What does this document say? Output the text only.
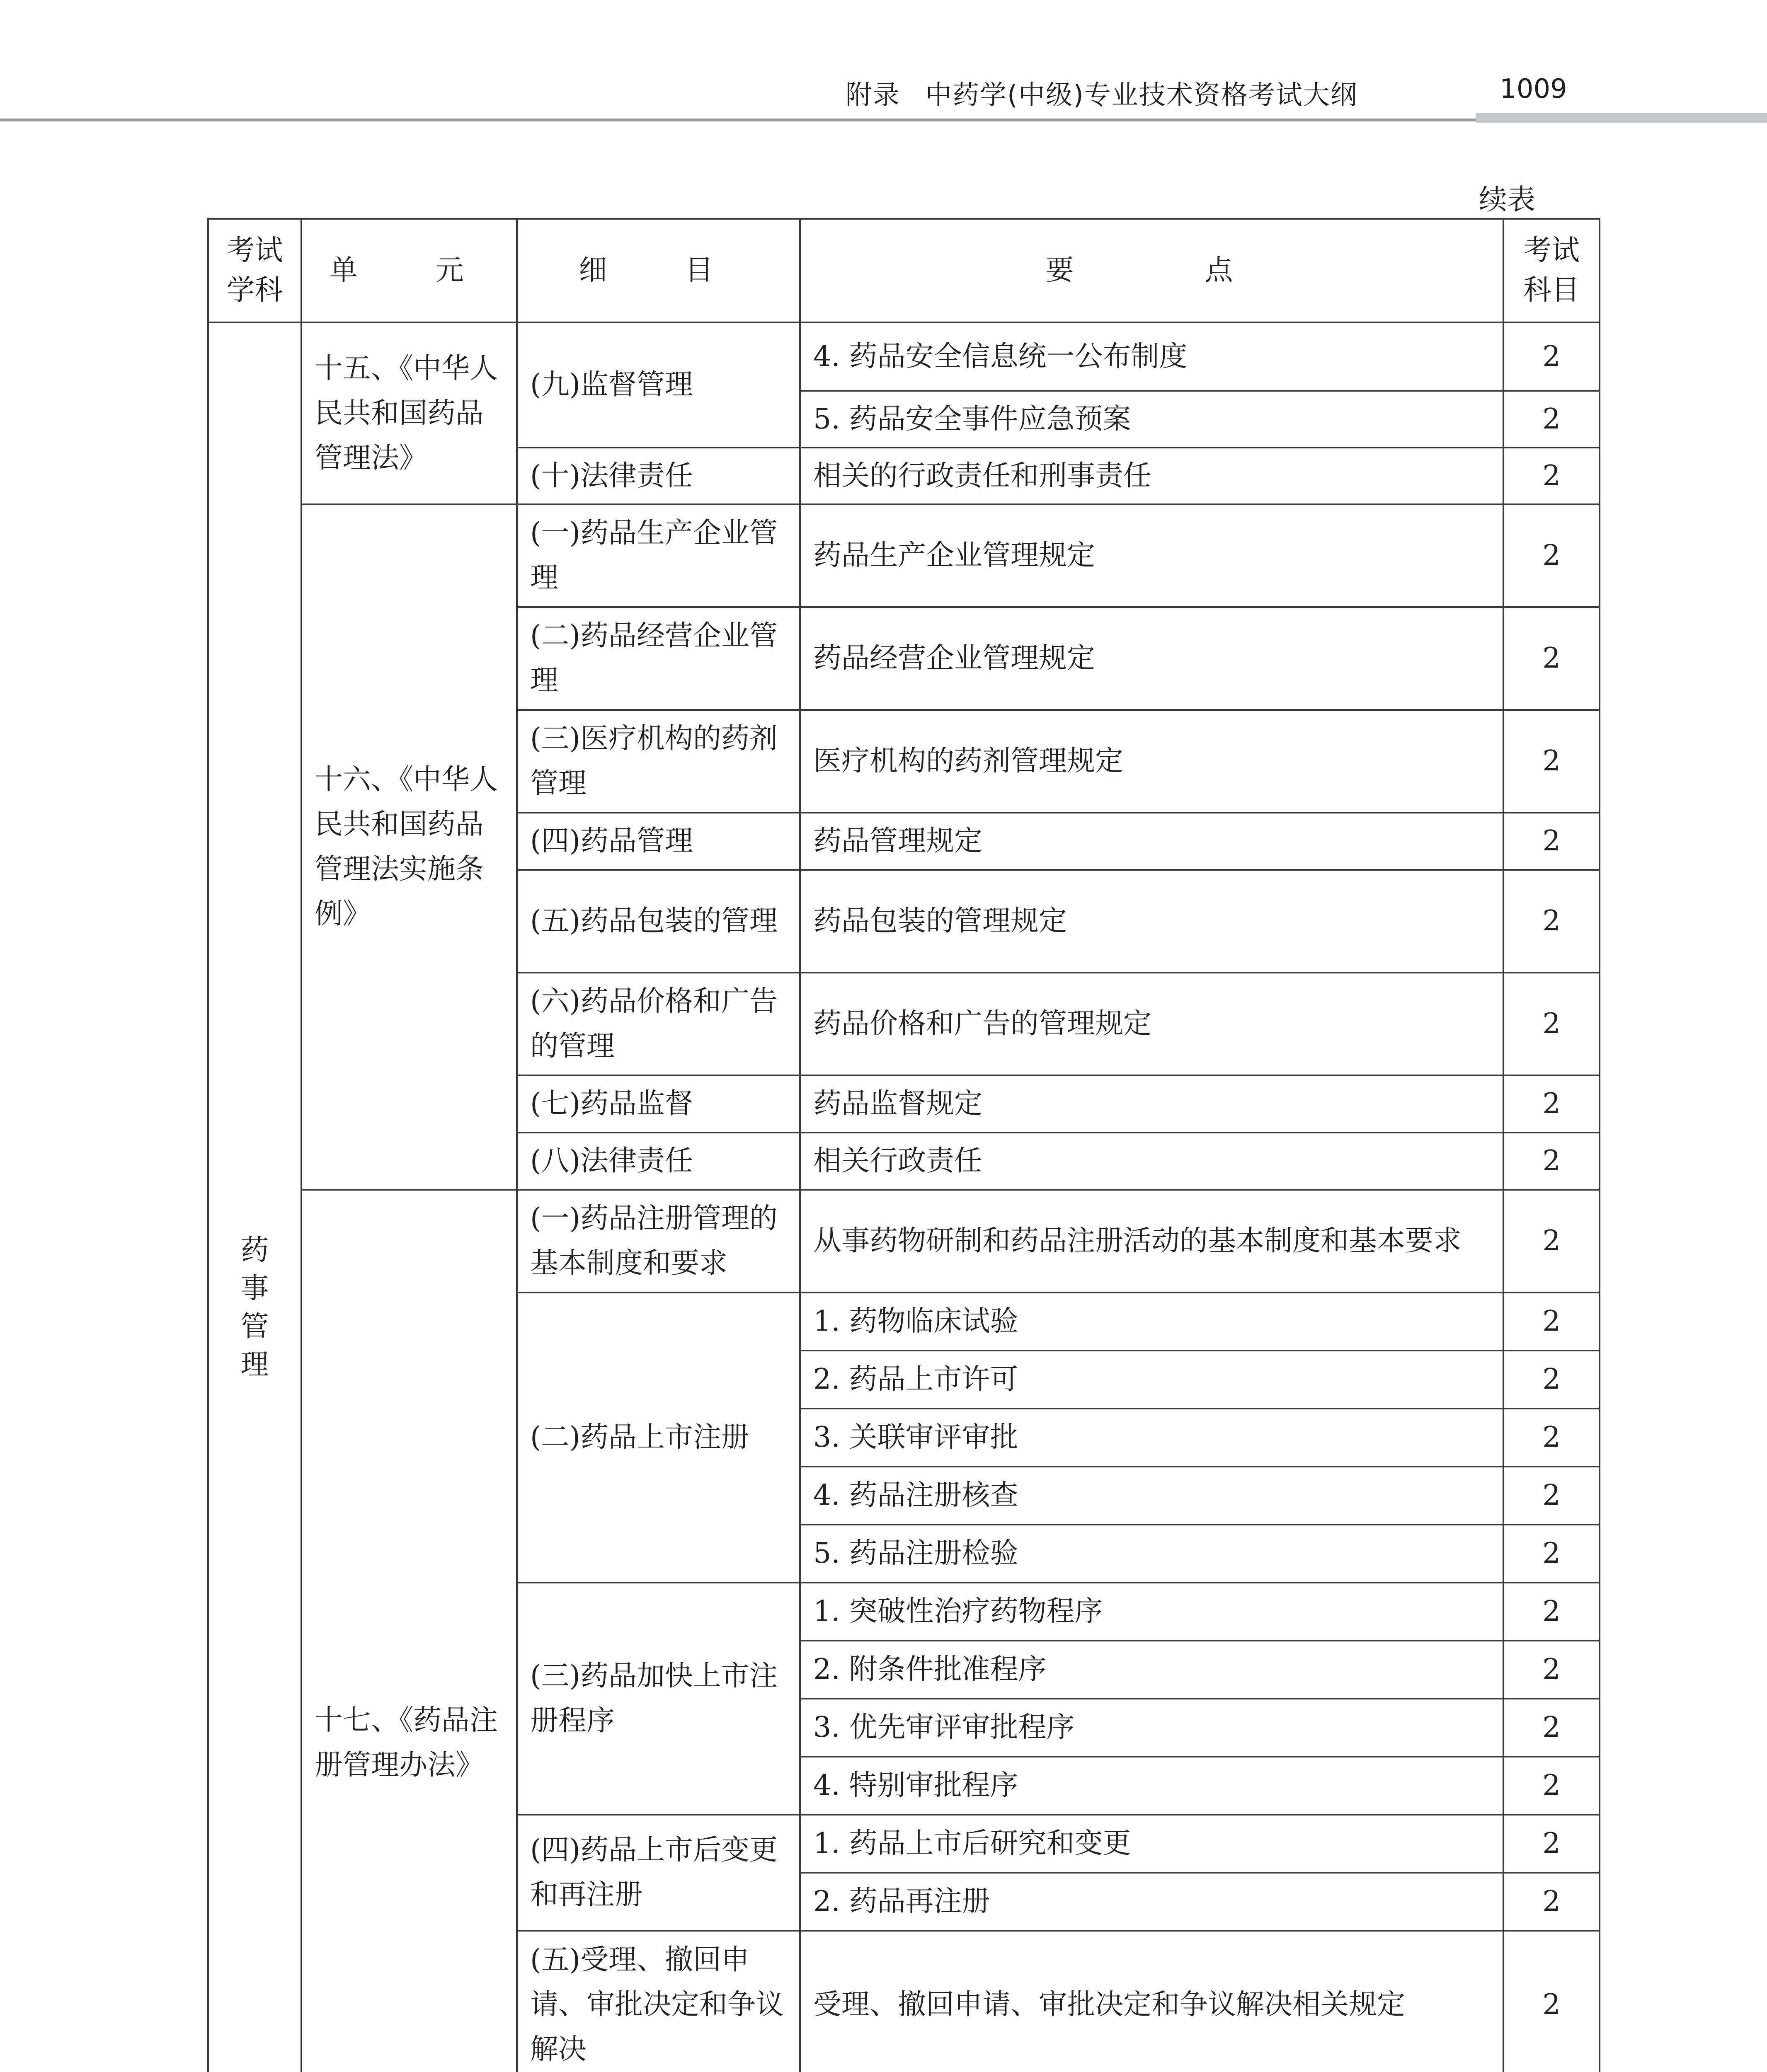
附录 中药学(中级)专业技术资格考试大纲	1009
续表
考试
学科	单　元	细　目	要　　点	考试
科目
药事管理	十五、《中华人民共和国药品管理法》	(九)监督管理	4. 药品安全信息统一公布制度	2
			5. 药品安全事件应急预案	2
		(十)法律责任	相关的行政责任和刑事责任	2
	十六、《中华人民共和国药品管理法实施条例》	(一)药品生产企业管理	药品生产企业管理规定	2
		(二)药品经营企业管理	药品经营企业管理规定	2
		(三)医疗机构的药剂管理	医疗机构的药剂管理规定	2
		(四)药品管理	药品管理规定	2
		(五)药品包装的管理	药品包装的管理规定	2
		(六)药品价格和广告的管理	药品价格和广告的管理规定	2
		(七)药品监督	药品监督规定	2
		(八)法律责任	相关行政责任	2
	十七、《药品注册管理办法》	(一)药品注册管理的基本制度和要求	从事药物研制和药品注册活动的基本制度和基本要求	2
		(二)药品上市注册	1. 药物临床试验	2
			2. 药品上市许可	2
			3. 关联审评审批	2
			4. 药品注册核查	2
			5. 药品注册检验	2
		(三)药品加快上市注册程序	1. 突破性治疗药物程序	2
			2. 附条件批准程序	2
			3. 优先审评审批程序	2
			4. 特别审批程序	2
		(四)药品上市后变更和再注册	1. 药品上市后研究和变更	2
			2. 药品再注册	2
		(五)受理、撤回申请、审批决定和争议解决	受理、撤回申请、审批决定和争议解决相关规定	2
